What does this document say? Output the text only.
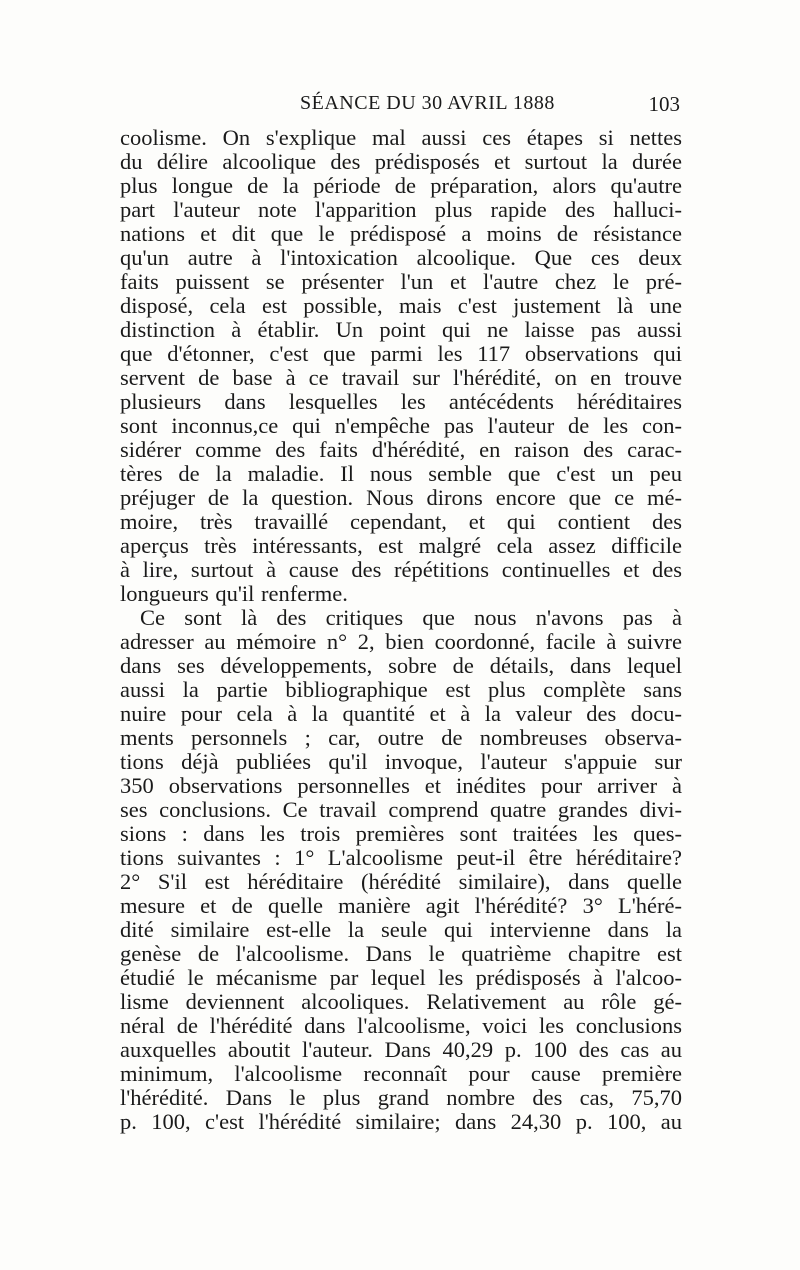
SÉANCE DU 30 AVRIL 1888	103
coolisme. On s'explique mal aussi ces étapes si nettes
du délire alcoolique des prédisposés et surtout la durée
plus longue de la période de préparation, alors qu'autre
part l'auteur note l'apparition plus rapide des halluci-
nations et dit que le prédisposé a moins de résistance
qu'un autre à l'intoxication alcoolique. Que ces deux
faits puissent se présenter l'un et l'autre chez le pré-
disposé, cela est possible, mais c'est justement là une
distinction à établir. Un point qui ne laisse pas aussi
que d'étonner, c'est que parmi les 117 observations qui
servent de base à ce travail sur l'hérédité, on en trouve
plusieurs dans lesquelles les antécédents héréditaires
sont inconnus,ce qui n'empêche pas l'auteur de les con-
sidérer comme des faits d'hérédité, en raison des carac-
tères de la maladie. Il nous semble que c'est un peu
préjuger de la question. Nous dirons encore que ce mé-
moire, très travaillé cependant, et qui contient des
aperçus très intéressants, est malgré cela assez difficile
à lire, surtout à cause des répétitions continuelles et des
longueurs qu'il renferme.
Ce sont là des critiques que nous n'avons pas à
adresser au mémoire n° 2, bien coordonné, facile à suivre
dans ses développements, sobre de détails, dans lequel
aussi la partie bibliographique est plus complète sans
nuire pour cela à la quantité et à la valeur des docu-
ments personnels ; car, outre de nombreuses observa-
tions déjà publiées qu'il invoque, l'auteur s'appuie sur
350 observations personnelles et inédites pour arriver à
ses conclusions. Ce travail comprend quatre grandes divi-
sions : dans les trois premières sont traitées les ques-
tions suivantes : 1° L'alcoolisme peut-il être héréditaire?
2° S'il est héréditaire (hérédité similaire), dans quelle
mesure et de quelle manière agit l'hérédité? 3° L'héré-
dité similaire est-elle la seule qui intervienne dans la
genèse de l'alcoolisme. Dans le quatrième chapitre est
étudié le mécanisme par lequel les prédisposés à l'alcoo-
lisme deviennent alcooliques. Relativement au rôle gé-
néral de l'hérédité dans l'alcoolisme, voici les conclusions
auxquelles aboutit l'auteur. Dans 40,29 p. 100 des cas au
minimum, l'alcoolisme reconnaît pour cause première
l'hérédité. Dans le plus grand nombre des cas, 75,70
p. 100, c'est l'hérédité similaire; dans 24,30 p. 100, au
